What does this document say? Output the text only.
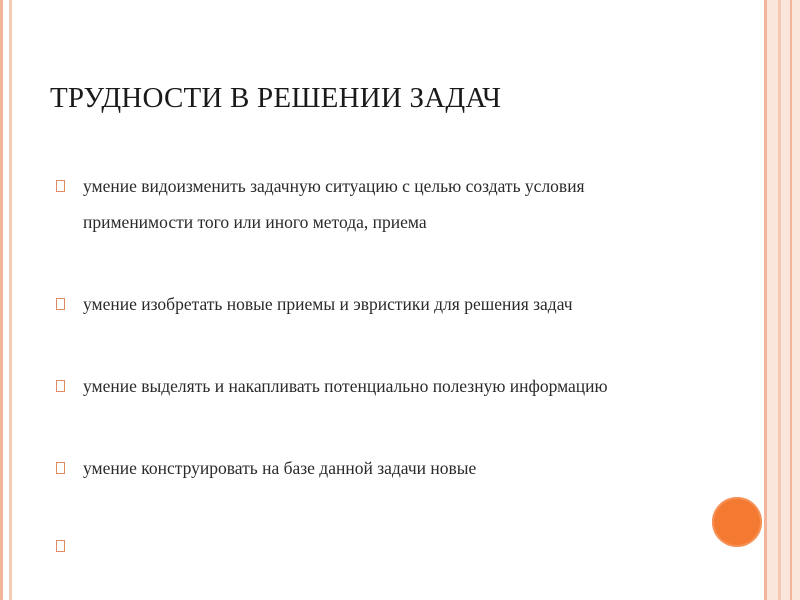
ТРУДНОСТИ В РЕШЕНИИ ЗАДАЧ
умение видоизменить задачную ситуацию с целью создать условия применимости того или иного метода, приема
умение изобретать новые приемы и эвристики для решения задач
умение выделять и накапливать потенциально полезную информацию
умение конструировать на базе данной задачи новые
